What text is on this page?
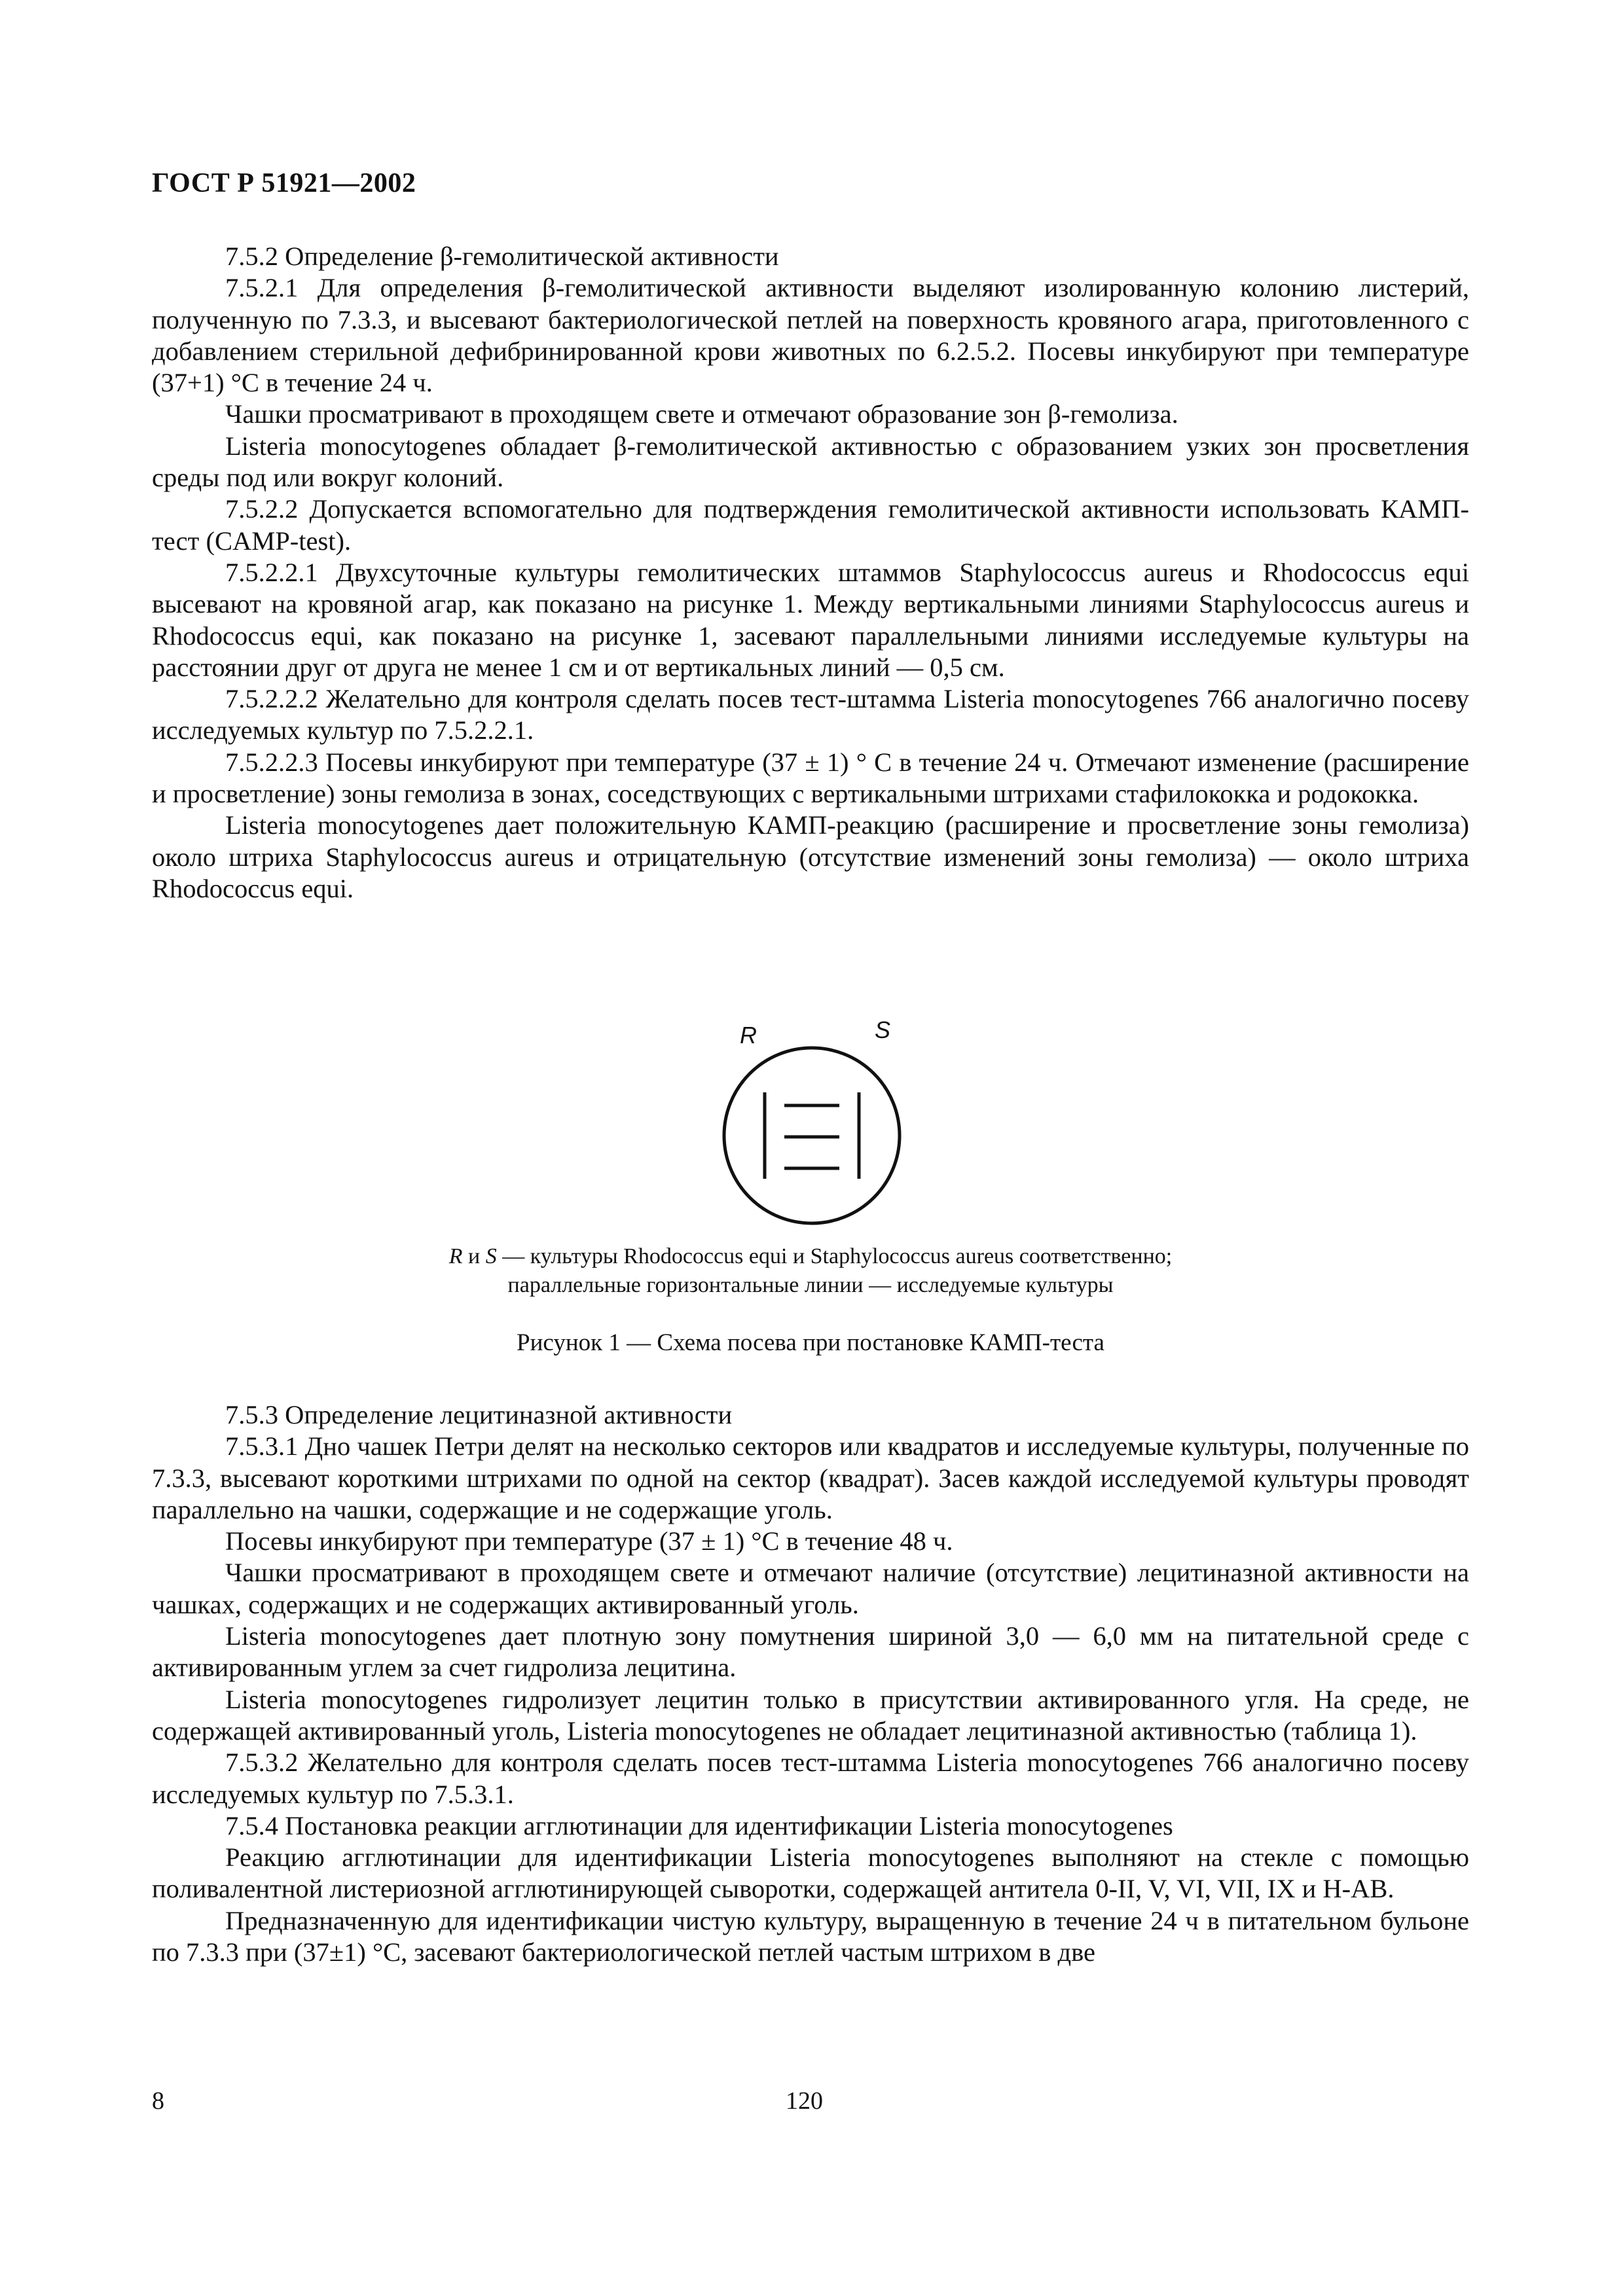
ГОСТ Р 51921—2002

7.5.2 Определение β-гемолитической активности

7.5.2.1 Для определения β-гемолитической активности выделяют изолированную колонию листерий, полученную по 7.3.3, и высевают бактериологической петлей на поверхность кровяного агара, приготовленного с добавлением стерильной дефибринированной крови животных по 6.2.5.2. Посевы инкубируют при температуре (37+1) °С в течение 24 ч.

Чашки просматривают в проходящем свете и отмечают образование зон β-гемолиза.

Listeria monocytogenes обладает β-гемолитической активностью с образованием узких зон просветления среды под или вокруг колоний.

7.5.2.2 Допускается вспомогательно для подтверждения гемолитической активности использовать КАМП-тест (CAMP-test).

7.5.2.2.1 Двухсуточные культуры гемолитических штаммов Staphylococcus aureus и Rhodococcus equi высевают на кровяной агар, как показано на рисунке 1. Между вертикальными линиями Staphylococcus aureus и Rhodococcus equi, как показано на рисунке 1, засевают параллельными линиями исследуемые культуры на расстоянии друг от друга не менее 1 см и от вертикальных линий — 0,5 см.

7.5.2.2.2 Желательно для контроля сделать посев тест-штамма Listeria monocytogenes 766 аналогично посеву исследуемых культур по 7.5.2.2.1.

7.5.2.2.3 Посевы инкубируют при температуре (37 ± 1) ° С в течение 24 ч. Отмечают изменение (расширение и просветление) зоны гемолиза в зонах, соседствующих с вертикальными штрихами стафилококка и родококка.

Listeria monocytogenes дает положительную КАМП-реакцию (расширение и просветление зоны гемолиза) около штриха Staphylococcus aureus и отрицательную (отсутствие изменений зоны гемолиза) — около штриха Rhodococcus equi.

R	S
R и S — культуры Rhodococcus equi и Staphylococcus aureus соответственно;
параллельные горизонтальные линии — исследуемые культуры
Рисунок 1 — Схема посева при постановке КАМП-теста

7.5.3 Определение лецитиназной активности

7.5.3.1 Дно чашек Петри делят на несколько секторов или квадратов и исследуемые культуры, полученные по 7.3.3, высевают короткими штрихами по одной на сектор (квадрат). Засев каждой исследуемой культуры проводят параллельно на чашки, содержащие и не содержащие уголь.

Посевы инкубируют при температуре (37 ± 1) °С в течение 48 ч.

Чашки просматривают в проходящем свете и отмечают наличие (отсутствие) лецитиназной активности на чашках, содержащих и не содержащих активированный уголь.

Listeria monocytogenes дает плотную зону помутнения шириной 3,0 — 6,0 мм на питательной среде с активированным углем за счет гидролиза лецитина.

Listeria monocytogenes гидролизует лецитин только в присутствии активированного угля. На среде, не содержащей активированный уголь, Listeria monocytogenes не обладает лецитиназной активностью (таблица 1).

7.5.3.2 Желательно для контроля сделать посев тест-штамма Listeria monocytogenes 766 аналогично посеву исследуемых культур по 7.5.3.1.

7.5.4 Постановка реакции агглютинации для идентификации Listeria monocytogenes

Реакцию агглютинации для идентификации Listeria monocytogenes выполняют на стекле с помощью поливалентной листериозной агглютинирующей сыворотки, содержащей антитела 0-II, V, VI, VII, IX и H-AB.

Предназначенную для идентификации чистую культуру, выращенную в течение 24 ч в питательном бульоне по 7.3.3 при (37±1) °С, засевают бактериологической петлей частым штрихом в две

8	120
